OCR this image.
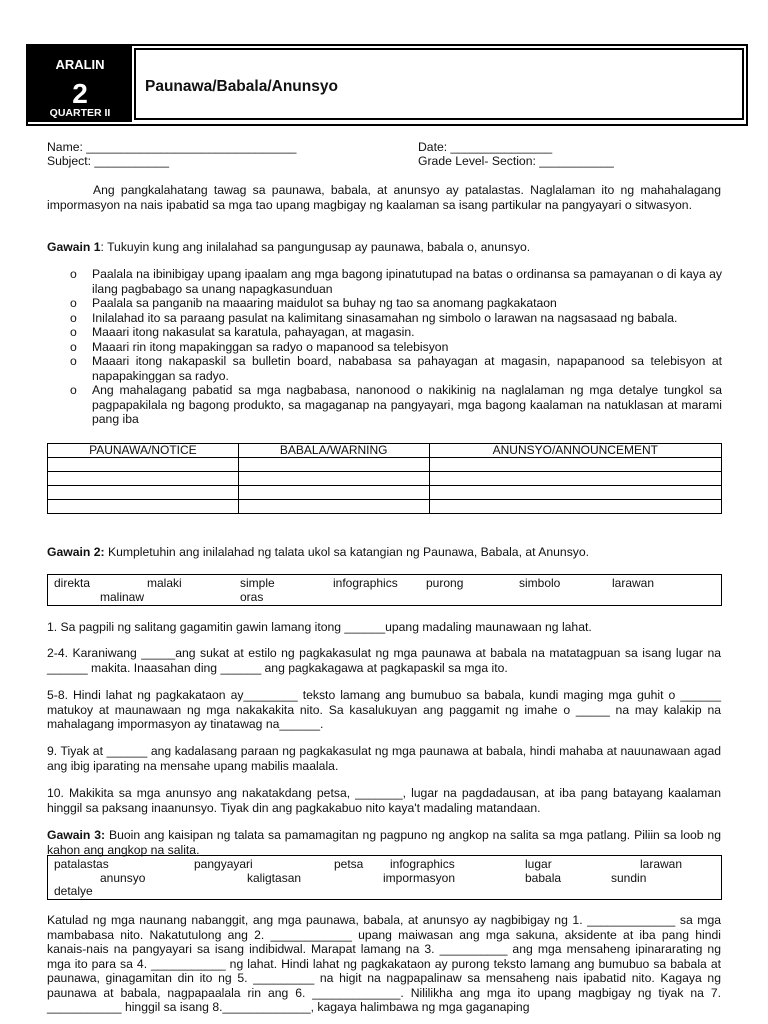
ARALIN
2
QUARTER II
Paunawa/Babala/Anunsyo
Name: _______________________________
Subject: ___________
Date: _______________
Grade Level- Section: ___________
Ang pangkalahatang tawag sa paunawa, babala, at anunsyo ay patalastas. Naglalaman ito ng mahahalagang impormasyon na nais ipabatid sa mga tao upang magbigay ng kaalaman sa isang partikular na pangyayari o sitwasyon.
Gawain 1: Tukuyin kung ang inilalahad sa pangungusap ay paunawa, babala o, anunsyo.
o Paalala na ibinibigay upang ipaalam ang mga bagong ipinatutupad na batas o ordinansa sa pamayanan o di kaya ay ilang pagbabago sa unang napagkasunduan
o Paalala sa panganib na maaaring maidulot sa buhay ng tao sa anomang pagkakataon
o Inilalahad ito sa paraang pasulat na kalimitang sinasamahan ng simbolo o larawan na nagsasaad ng babala.
o Maaari itong nakasulat sa karatula, pahayagan, at magasin.
o Maaari rin itong mapakinggan sa radyo o mapanood sa telebisyon
o Maaari itong nakapaskil sa bulletin board, nababasa sa pahayagan at magasin, napapanood sa telebisyon at napapakinggan sa radyo.
o Ang mahalagang pabatid sa mga nagbabasa, nanonood o nakikinig na naglalaman ng mga detalye tungkol sa pagpapakilala ng bagong produkto, sa magaganap na pangyayari, mga bagong kaalaman na natuklasan at marami pang iba
PAUNAWA/NOTICE	BABALA/WARNING	ANUNSYO/ANNOUNCEMENT

Gawain 2: Kumpletuhin ang inilalahad ng talata ukol sa katangian ng Paunawa, Babala, at Anunsyo.
direkta	malaki	simple	infographics purong	simbolo	larawan
malinaw	oras
1. Sa pagpili ng salitang gagamitin gawin lamang itong ______upang madaling maunawaan ng lahat.
2-4. Karaniwang _____ang sukat at estilo ng pagkakasulat ng mga paunawa at babala na matatagpuan sa isang lugar na ______ makita. Inaasahan ding ______ ang pagkakagawa at pagkapaskil sa mga ito.
5-8. Hindi lahat ng pagkakataon ay________ teksto lamang ang bumubuo sa babala, kundi maging mga guhit o ______ matukoy at maunawaan ng mga nakakakita nito. Sa kasalukuyan ang paggamit ng imahe o _____ na may kalakip na mahalagang impormasyon ay tinatawag na______.
9. Tiyak at ______ ang kadalasang paraan ng pagkakasulat ng mga paunawa at babala, hindi mahaba at nauunawaan agad ang ibig iparating na mensahe upang mabilis maalala.
10. Makikita sa mga anunsyo ang nakatakdang petsa, _______, lugar na pagdadausan, at iba pang batayang kaalaman hinggil sa paksang inaanunsyo. Tiyak din ang pagkakabuo nito kaya't madaling matandaan.
Gawain 3: Buoin ang kaisipan ng talata sa pamamagitan ng pagpuno ng angkop na salita sa mga patlang. Piliin sa loob ng kahon ang angkop na salita.
patalastas	pangyayari	petsa infographics	lugar	larawan
anunsyo	kaligtasan	impormasyon	babala	sundin
detalye
Katulad ng mga naunang nabanggit, ang mga paunawa, babala, at anunsyo ay nagbibigay ng 1. _____________ sa mga mambabasa nito. Nakatutulong ang 2. ____________ upang maiwasan ang mga sakuna, aksidente at iba pang hindi kanais-nais na pangyayari sa isang indibidwal. Marapat lamang na 3. __________ ang mga mensaheng ipinararating ng mga ito para sa 4. ___________ ng lahat. Hindi lahat ng pagkakataon ay purong teksto lamang ang bumubuo sa babala at paunawa, ginagamitan din ito ng 5. _________ na higit na nagpapalinaw sa mensaheng nais ipabatid nito. Kagaya ng paunawa at babala, nagpapaalala rin ang 6. _____________. Nililikha ang mga ito upang magbigay ng tiyak na 7. ___________ hinggil sa isang 8._____________, kagaya halimbawa ng mga gaganaping
